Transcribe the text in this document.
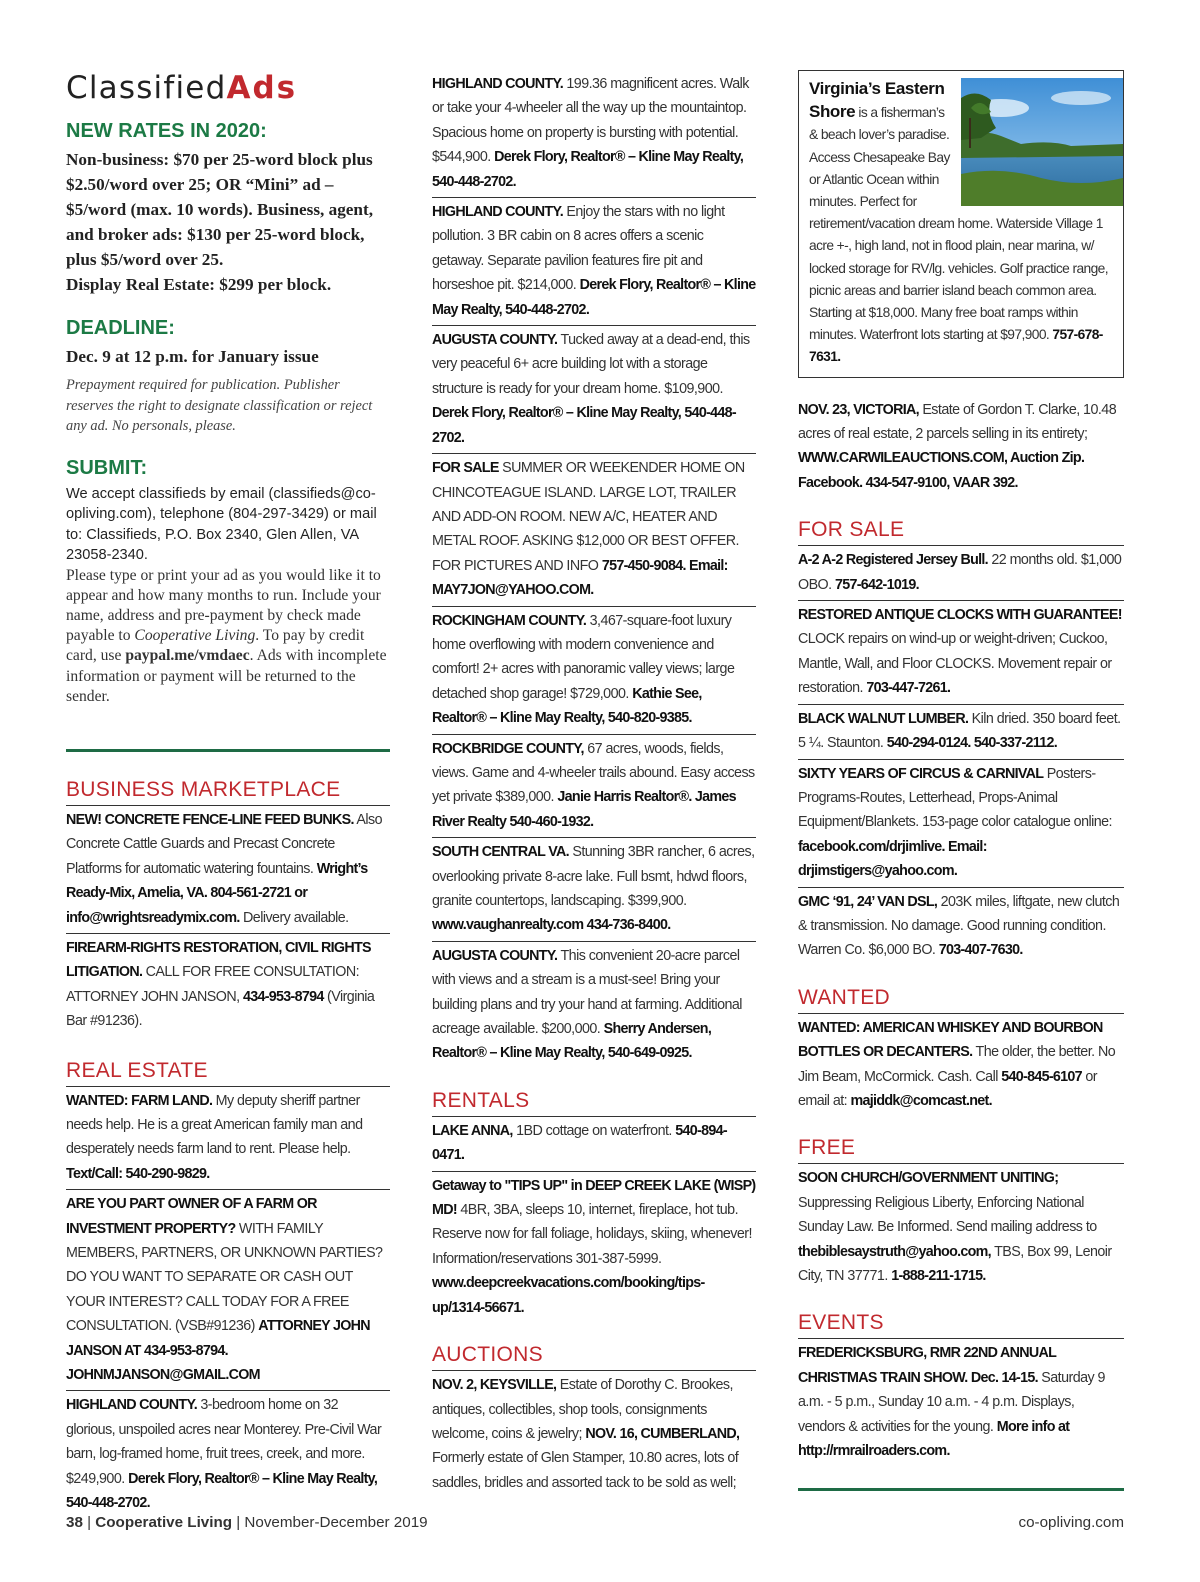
ClassifiedAds
NEW RATES IN 2020:
Non-business: $70 per 25-word block plus $2.50/word over 25; OR “Mini” ad – $5/word (max. 10 words). Business, agent, and broker ads: $130 per 25-word block, plus $5/word over 25.
Display Real Estate: $299 per block.
DEADLINE:
Dec. 9 at 12 p.m. for January issue
Prepayment required for publication. Publisher reserves the right to designate classification or reject any ad. No personals, please.
SUBMIT:
We accept classifieds by email (classifieds@co-opliving.com), telephone (804-297-3429) or mail to: Classifieds, P.O. Box 2340, Glen Allen, VA 23058-2340.
Please type or print your ad as you would like it to appear and how many months to run. Include your name, address and pre-payment by check made payable to Cooperative Living. To pay by credit card, use paypal.me/vmdaec. Ads with incomplete information or payment will be returned to the sender.
BUSINESS MARKETPLACE
NEW! CONCRETE FENCE-LINE FEED BUNKS. Also Concrete Cattle Guards and Precast Concrete Platforms for automatic watering fountains. Wright’s Ready-Mix, Amelia, VA. 804-561-2721 or info@wrightsreadymix.com. Delivery available.
FIREARM-RIGHTS RESTORATION, CIVIL RIGHTS LITIGATION. CALL FOR FREE CONSULTATION: ATTORNEY JOHN JANSON, 434-953-8794 (Virginia Bar #91236).
REAL ESTATE
WANTED: FARM LAND. My deputy sheriff partner needs help. He is a great American family man and desperately needs farm land to rent. Please help. Text/Call: 540-290-9829.
ARE YOU PART OWNER OF A FARM OR INVESTMENT PROPERTY? WITH FAMILY MEMBERS, PARTNERS, OR UNKNOWN PARTIES? DO YOU WANT TO SEPARATE OR CASH OUT YOUR INTEREST? CALL TODAY FOR A FREE CONSULTATION. (VSB#91236) ATTORNEY JOHN JANSON AT 434-953-8794. JOHNMJANSON@GMAIL.COM
HIGHLAND COUNTY. 3-bedroom home on 32 glorious, unspoiled acres near Monterey. Pre-Civil War barn, log-framed home, fruit trees, creek, and more. $249,900. Derek Flory, Realtor® – Kline May Realty, 540-448-2702.
HIGHLAND COUNTY. 199.36 magnificent acres. Walk or take your 4-wheeler all the way up the mountaintop. Spacious home on property is bursting with potential. $544,900. Derek Flory, Realtor® – Kline May Realty, 540-448-2702.
HIGHLAND COUNTY. Enjoy the stars with no light pollution. 3 BR cabin on 8 acres offers a scenic getaway. Separate pavilion features fire pit and horseshoe pit. $214,000. Derek Flory, Realtor® – Kline May Realty, 540-448-2702.
AUGUSTA COUNTY. Tucked away at a dead-end, this very peaceful 6+ acre building lot with a storage structure is ready for your dream home. $109,900. Derek Flory, Realtor® – Kline May Realty, 540-448-2702.
FOR SALE SUMMER OR WEEKENDER HOME ON CHINCOTEAGUE ISLAND. LARGE LOT, TRAILER AND ADD-ON ROOM. NEW A/C, HEATER AND METAL ROOF. ASKING $12,000 OR BEST OFFER. FOR PICTURES AND INFO 757-450-9084. Email: MAY7JON@YAHOO.COM.
ROCKINGHAM COUNTY. 3,467-square-foot luxury home overflowing with modern convenience and comfort! 2+ acres with panoramic valley views; large detached shop garage! $729,000. Kathie See, Realtor® – Kline May Realty, 540-820-9385.
ROCKBRIDGE COUNTY, 67 acres, woods, fields, views. Game and 4-wheeler trails abound. Easy access yet private $389,000. Janie Harris Realtor®. James River Realty 540-460-1932.
SOUTH CENTRAL VA. Stunning 3BR rancher, 6 acres, overlooking private 8-acre lake. Full bsmt, hdwd floors, granite countertops, landscaping. $399,900. www.vaughanrealty.com 434-736-8400.
AUGUSTA COUNTY. This convenient 20-acre parcel with views and a stream is a must-see! Bring your building plans and try your hand at farming. Additional acreage available. $200,000. Sherry Andersen, Realtor® – Kline May Realty, 540-649-0925.
RENTALS
LAKE ANNA, 1BD cottage on waterfront. 540-894-0471.
Getaway to "TIPS UP" in DEEP CREEK LAKE (WISP) MD! 4BR, 3BA, sleeps 10, internet, fireplace, hot tub. Reserve now for fall foliage, holidays, skiing, whenever! Information/reservations 301-387-5999. www.deepcreekvacations.com/booking/tips-up/1314-56671.
AUCTIONS
NOV. 2, KEYSVILLE, Estate of Dorothy C. Brookes, antiques, collectibles, shop tools, consignments welcome, coins & jewelry; NOV. 16, CUMBERLAND, Formerly estate of Glen Stamper, 10.80 acres, lots of saddles, bridles and assorted tack to be sold as well;
Virginia’s Eastern
Shore is a fisherman’s & beach lover’s paradise. Access Chesapeake Bay or Atlantic Ocean within minutes. Perfect for retirement/vacation dream home. Waterside Village 1 acre +-, high land, not in flood plain, near marina, w/ locked storage for RV/lg. vehicles. Golf practice range, picnic areas and barrier island beach common area. Starting at $18,000. Many free boat ramps within minutes. Waterfront lots starting at $97,900. 757-678-7631.
NOV. 23, VICTORIA, Estate of Gordon T. Clarke, 10.48 acres of real estate, 2 parcels selling in its entirety; WWW.CARWILEAUCTIONS.COM, Auction Zip. Facebook. 434-547-9100, VAAR 392.
FOR SALE
A-2 A-2 Registered Jersey Bull. 22 months old. $1,000 OBO. 757-642-1019.
RESTORED ANTIQUE CLOCKS WITH GUARANTEE! CLOCK repairs on wind-up or weight-driven; Cuckoo, Mantle, Wall, and Floor CLOCKS. Movement repair or restoration. 703-447-7261.
BLACK WALNUT LUMBER. Kiln dried. 350 board feet. 5 ¼. Staunton. 540-294-0124. 540-337-2112.
SIXTY YEARS OF CIRCUS & CARNIVAL Posters-Programs-Routes, Letterhead, Props-Animal Equipment/Blankets. 153-page color catalogue online: facebook.com/drjimlive. Email: drjimstigers@yahoo.com.
GMC ‘91, 24’ VAN DSL, 203K miles, liftgate, new clutch & transmission. No damage. Good running condition. Warren Co. $6,000 BO. 703-407-7630.
WANTED
WANTED: AMERICAN WHISKEY AND BOURBON BOTTLES OR DECANTERS. The older, the better. No Jim Beam, McCormick. Cash. Call 540-845-6107 or email at: majiddk@comcast.net.
FREE
SOON CHURCH/GOVERNMENT UNITING; Suppressing Religious Liberty, Enforcing National Sunday Law. Be Informed. Send mailing address to thebiblesaystruth@yahoo.com, TBS, Box 99, Lenoir City, TN 37771. 1-888-211-1715.
EVENTS
FREDERICKSBURG, RMR 22ND ANNUAL CHRISTMAS TRAIN SHOW. Dec. 14-15. Saturday 9 a.m. - 5 p.m., Sunday 10 a.m. - 4 p.m. Displays, vendors & activities for the young. More info at http://rmrailroaders.com.
38 | Cooperative Living | November-December 2019	co-opliving.com
